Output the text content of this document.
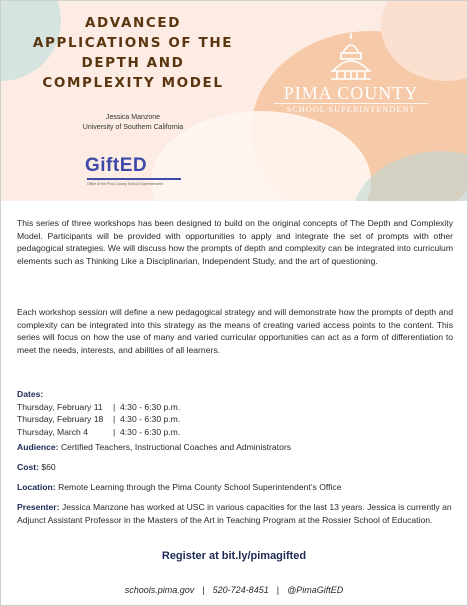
ADVANCED
APPLICATIONS OF THE
DEPTH AND
COMPLEXITY MODEL
Jessica Manzone
University of Southern California
GiftED
Office of the Pima County School Superintendent
PIMA COUNTY
SCHOOL SUPERINTENDENT
This series of three workshops has been designed to build on the original concepts of The Depth and Complexity Model. Participants will be provided with opportunities to apply and integrate the set of prompts with other pedagogical strategies. We will discuss how the prompts of depth and complexity can be integrated into curriculum elements such as Thinking Like a Disciplinarian, Independent Study, and the art of questioning.
Each workshop session will define a new pedagogical strategy and will demonstrate how the prompts of depth and complexity can be integrated into this strategy as the means of creating varied access points to the content. This series will focus on how the use of many and varied curricular opportunities can act as a form of differentiation to meet the needs, interests, and abilities of all learners.
Dates:
Thursday, February 11 |  4:30 - 6:30 p.m.
Thursday, February 18 |  4:30 - 6:30 p.m.
Thursday, March 4	|  4:30 - 6:30 p.m.
Audience: Certified Teachers, Instructional Coaches and Administrators
Cost: $60
Location: Remote Learning through the Pima County School Superintendent’s Office
Presenter: Jessica Manzone has worked at USC in various capacities for the last 13 years. Jessica is currently an Adjunct Assistant Professor in the Masters of the Art in Teaching Program at the Rossier School of Education.
Register at bit.ly/pimagifted
schools.pima.gov | 520-724-8451 | @PimaGiftED
